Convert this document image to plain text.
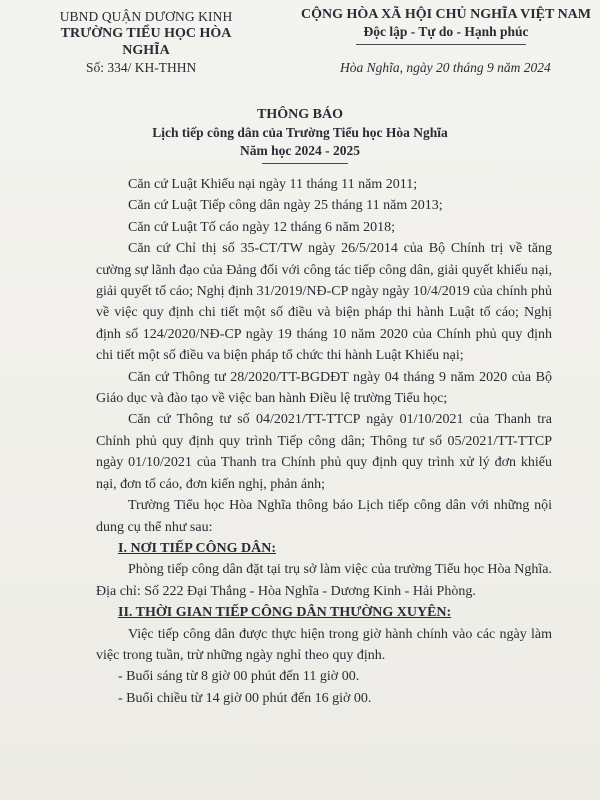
UBND QUẬN DƯƠNG KINH
TRƯỜNG TIỂU HỌC HÒA NGHĨA
CỘNG HÒA XÃ HỘI CHỦ NGHĨA VIỆT NAM
Độc lập - Tự do - Hạnh phúc
Số: 334/ KH-THHN	Hòa Nghĩa, ngày 20 tháng 9 năm 2024
THÔNG BÁO
Lịch tiếp công dân của Trường Tiểu học Hòa Nghĩa
Năm học 2024 - 2025

Căn cứ Luật Khiếu nại ngày 11 tháng 11 năm 2011;

Căn cứ Luật Tiếp công dân ngày 25 tháng 11 năm 2013;

Căn cứ Luật Tố cáo ngày 12 tháng 6 năm 2018;

Căn cứ Chỉ thị số 35-CT/TW ngày 26/5/2014 của Bộ Chính trị về tăng cường sự lãnh đạo của Đảng đối với công tác tiếp công dân, giải quyết khiếu nại, giải quyết tố cáo; Nghị định 31/2019/NĐ-CP ngày ngày 10/4/2019 của chính phủ về việc quy định chi tiết một số điều và biện pháp thi hành Luật tố cáo; Nghị định số 124/2020/NĐ-CP ngày 19 tháng 10 năm 2020 của Chính phủ quy định chi tiết một số điều va biện pháp tổ chức thi hành Luật Khiếu nại;

Căn cứ Thông tư 28/2020/TT-BGDĐT ngày 04 tháng 9 năm 2020 của Bộ Giáo dục và đào tạo về việc ban hành Điều lệ trường Tiểu học;

Căn cứ Thông tư số 04/2021/TT-TTCP ngày 01/10/2021 của Thanh tra Chính phủ quy định quy trình Tiếp công dân; Thông tư số 05/2021/TT-TTCP ngày 01/10/2021 của Thanh tra Chính phủ quy định quy trình xử lý đơn khiếu nại, đơn tố cáo, đơn kiến nghị, phản ánh;

Trường Tiểu học Hòa Nghĩa thông báo Lịch tiếp công dân với những nội dung cụ thể như sau:

I. NƠI TIẾP CÔNG DÂN:

Phòng tiếp công dân đặt tại trụ sở làm việc của trường Tiểu học Hòa Nghĩa. Địa chỉ: Số 222 Đại Thắng - Hòa Nghĩa - Dương Kinh - Hải Phòng.

II. THỜI GIAN TIẾP CÔNG DÂN THƯỜNG XUYÊN:

Việc tiếp công dân được thực hiện trong giờ hành chính vào các ngày làm việc trong tuần, trừ những ngày nghỉ theo quy định.

- Buổi sáng từ 8 giờ 00 phút đến 11 giờ 00.

- Buổi chiều từ 14 giờ 00 phút đến 16 giờ 00.
